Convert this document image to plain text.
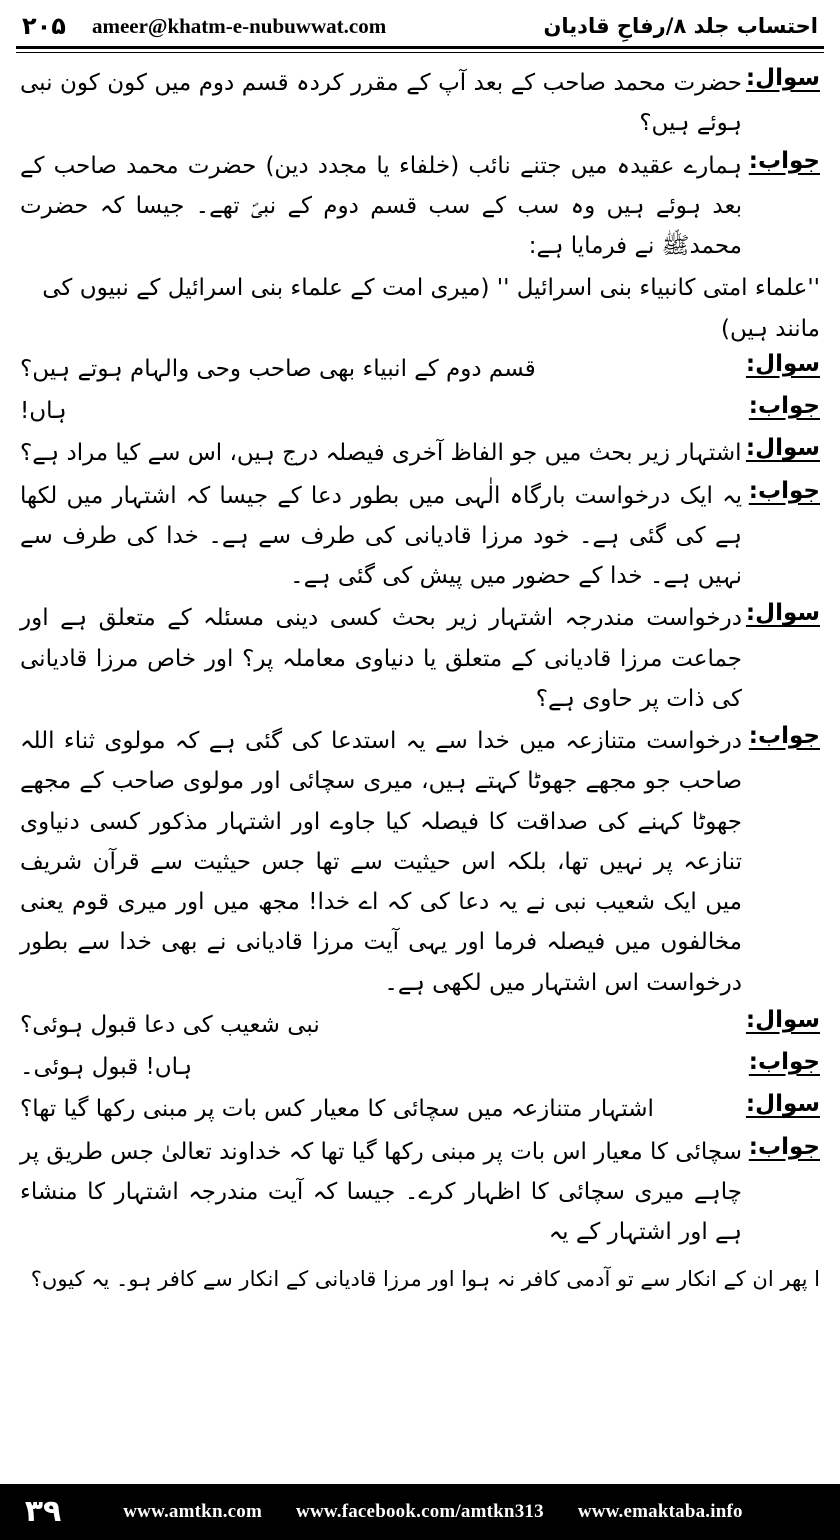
احتساب جلد ۸/رفاحِ قادیان
۲۰۵ ameer@khatm-e-nubuwwat.com
سوال:
حضرت محمد صاحب کے بعد آپ کے مقرر کردہ قسم دوم میں کون کون نبی ہوئے ہیں؟
جواب:
ہمارے عقیدہ میں جتنے نائب (خلفاء یا مجدد دین) حضرت محمد صاحب کے بعد ہوئے ہیں وہ سب کے سب قسم دوم کے نبیؐ تھے۔ جیسا کہ حضرت محمدﷺ نے فرمایا ہے:
''علماء امتی کانبیاء بنی اسرائیل '' (میری امت کے علماء بنی اسرائیل کے نبیوں کی مانند ہیں)
سوال:
قسم دوم کے انبیاء بھی صاحب وحی والہام ہوتے ہیں؟
جواب:
ہاں!
سوال:
اشتہار زیر بحث میں جو الفاظ آخری فیصلہ درج ہیں، اس سے کیا مراد ہے؟
جواب:
یہ ایک درخواست بارگاہ الٰہی میں بطور دعا کے جیسا کہ اشتہار میں لکھا ہے کی گئی ہے۔ خود مرزا قادیانی کی طرف سے ہے۔ خدا کی طرف سے نہیں ہے۔ خدا کے حضور میں پیش کی گئی ہے۔
سوال:
درخواست مندرجہ اشتہار زیر بحث کسی دینی مسئلہ کے متعلق ہے اور جماعت مرزا قادیانی کے متعلق یا دنیاوی معاملہ پر؟ اور خاص مرزا قادیانی کی ذات پر حاوی ہے؟
جواب:
درخواست متنازعہ میں خدا سے یہ استدعا کی گئی ہے کہ مولوی ثناء اللہ صاحب جو مجھے جھوٹا کہتے ہیں، میری سچائی اور مولوی صاحب کے مجھے جھوٹا کہنے کی صداقت کا فیصلہ کیا جاوے اور اشتہار مذکور کسی دنیاوی تنازعہ پر نہیں تھا، بلکہ اس حیثیت سے تھا جس حیثیت سے قرآن شریف میں ایک شعیب نبی نے یہ دعا کی کہ اے خدا! مجھ میں اور میری قوم یعنی مخالفوں میں فیصلہ فرما اور یہی آیت مرزا قادیانی نے بھی خدا سے بطور درخواست اس اشتہار میں لکھی ہے۔
سوال:
نبی شعیب کی دعا قبول ہوئی؟
جواب:
ہاں! قبول ہوئی۔
سوال:
اشتہار متنازعہ میں سچائی کا معیار کس بات پر مبنی رکھا گیا تھا؟
جواب:
سچائی کا معیار اس بات پر مبنی رکھا گیا تھا کہ خداوند تعالیٰ جس طریق پر چاہے میری سچائی کا اظہار کرے۔ جیسا کہ آیت مندرجہ اشتہار کا منشاء ہے اور اشتہار کے یہ
ا پھر ان کے انکار سے تو آدمی کافر نہ ہوا اور مرزا قادیانی کے انکار سے کافر ہو۔ یہ کیوں؟
۳۹	www.amtkn.com www.facebook.com/amtkn313 www.emaktaba.info
